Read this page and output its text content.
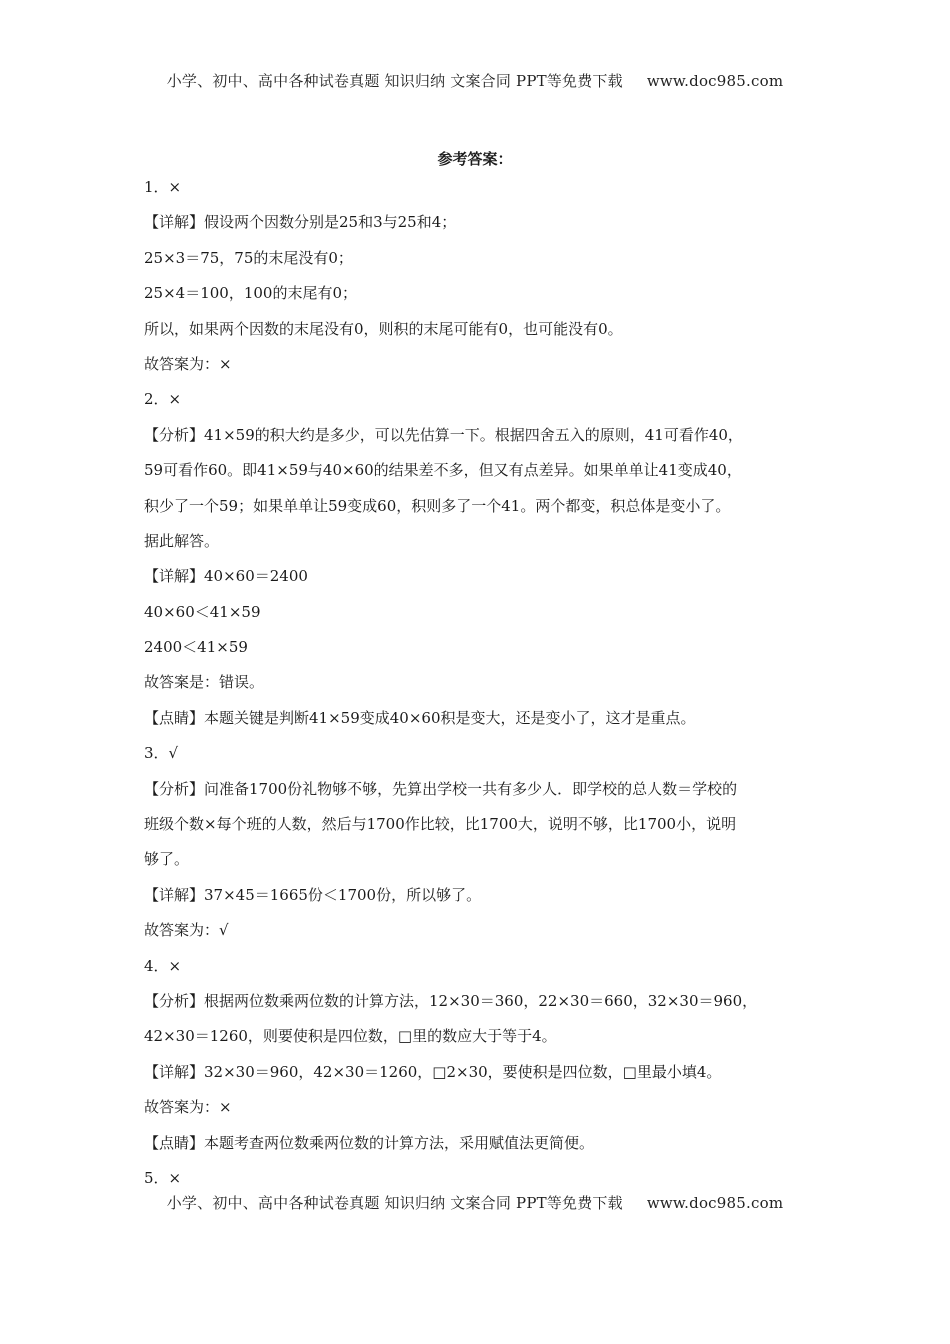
小学、初中、高中各种试卷真题 知识归纳 文案合同 PPT等免费下载 www.doc985.com
参考答案：
1．×
【详解】假设两个因数分别是25和3与25和4；
25×3＝75，75的末尾没有0；
25×4＝100，100的末尾有0；
所以，如果两个因数的末尾没有0，则积的末尾可能有0，也可能没有0。
故答案为：×
2．×
【分析】41×59的积大约是多少，可以先估算一下。根据四舍五入的原则，41可看作40，
59可看作60。即41×59与40×60的结果差不多，但又有点差异。如果单单让41变成40，
积少了一个59；如果单单让59变成60，积则多了一个41。两个都变，积总体是变小了。
据此解答。
【详解】40×60＝2400
40×60＜41×59
2400＜41×59
故答案是：错误。
【点睛】本题关键是判断41×59变成40×60积是变大，还是变小了，这才是重点。
3．√
【分析】问准备1700份礼物够不够，先算出学校一共有多少人．即学校的总人数＝学校的
班级个数×每个班的人数，然后与1700作比较，比1700大，说明不够，比1700小，说明
够了。
【详解】37×45＝1665份＜1700份，所以够了。
故答案为：√
4．×
【分析】根据两位数乘两位数的计算方法，12×30＝360，22×30＝660，32×30＝960，
42×30＝1260，则要使积是四位数，□里的数应大于等于4。
【详解】32×30＝960，42×30＝1260，□2×30，要使积是四位数，□里最小填4。
故答案为：×
【点睛】本题考查两位数乘两位数的计算方法，采用赋值法更简便。
5．×
小学、初中、高中各种试卷真题 知识归纳 文案合同 PPT等免费下载 www.doc985.com
